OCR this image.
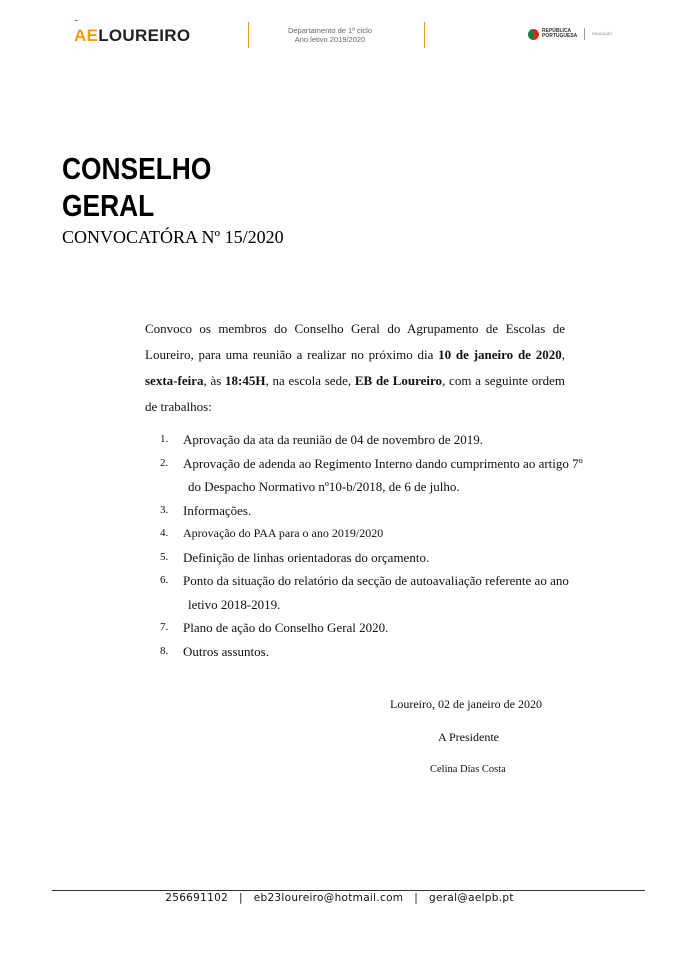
AELOUREIRO	Departamento de 1º ciclo
Ano letivo 2019/2020
REPÚBLICA
PORTUGUESA	EDUCAÇÃO
CONSELHO
GERAL
CONVOCATÓRA Nº 15/2020
Convoco os membros do Conselho Geral do Agrupamento de Escolas de Loureiro, para uma reunião a realizar no próximo dia 10 de janeiro de 2020, sexta-feira, às 18:45H, na escola sede, EB de Loureiro, com a seguinte ordem de trabalhos:
1.	Aprovação da ata da reunião de 04 de novembro de 2019.
2.	Aprovação de adenda ao Regimento Interno dando cumprimento ao artigo 7º
do Despacho Normativo nº10-b/2018, de 6 de julho.
3.	Informações.
4.	Aprovação do PAA para o ano 2019/2020
5.	Definição de linhas orientadoras do orçamento.
6.	Ponto da situação do relatório da secção de autoavaliação referente ao ano
letivo 2018-2019.
7.	Plano de ação do Conselho Geral 2020.
8.	Outros assuntos.
Loureiro, 02 de janeiro de 2020
A Presidente
Celina Dias Costa
256691102   |   eb23loureiro@hotmail.com   |   geral@aelpb.pt
